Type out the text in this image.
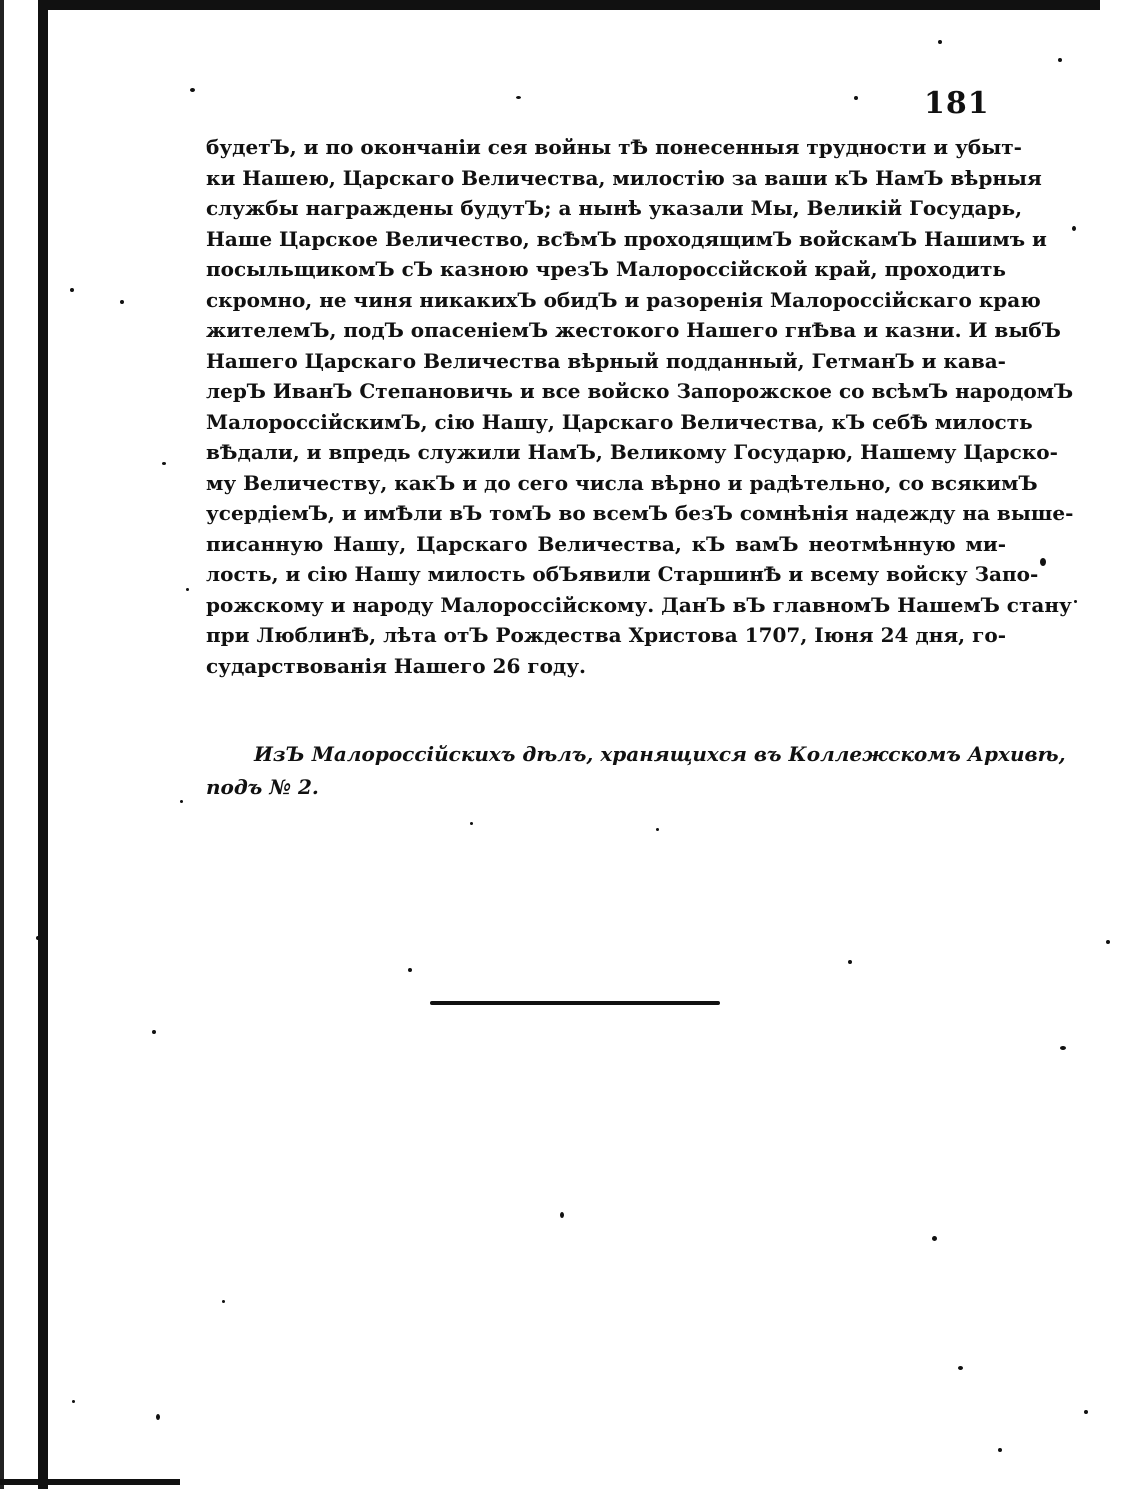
181
будетЪ, и по окончанiи сея войны тѢ понесенныя трудности и убыт-
ки Нашею, Царскаго Величества, милостiю за ваши кЪ НамЪ вѣрныя
службы награждены будутЪ; а нынѣ указали Мы, Великiй Государь,
Наше Царское Величество, всѢмЪ проходящимЪ войскамЪ Нашимъ и
посыльщикомЪ сЪ казною чрезЪ Малороссiйской край, проходить
скромно, не чиня никакихЪ обидЪ и разоренiя Малороссiйскаго краю
жителемЪ, подЪ опасенiемЪ жестокого Нашего гнѢва и казни. И выбЪ
Нашего Царскаго Величества вѣрный подданный, ГетманЪ и кава-
лерЪ ИванЪ Степановичь и все войско Запорожское со всѣмЪ народомЪ
МалороссiйскимЪ, сiю Нашу, Царскаго Величества, кЪ себѢ милость
вѢдали, и впредь служили НамЪ, Великому Государю, Нашему Царско-
му Величеству, какЪ и до сего числа вѣрно и радѣтельно, со всякимЪ
усердiемЪ, и имѢли вЪ томЪ во всемЪ безЪ сомнѣнiя надежду на выше-
писанную Нашу, Царскаго Величества, кЪ вамЪ неотмѣнную ми-
лость, и сiю Нашу милость обЪявили СтаршинѢ и всему войску Запо-
рожскому и народу Малороссiйскому. ДанЪ вЪ главномЪ НашемЪ стану
при ЛюблинѢ, лѣта отЪ Рождества Христова 1707, Iюня 24 дня, го-
сударствованiя Нашего 26 году.
ИзЪ Малороссiйскихъ дѣлъ, хранящихся въ Коллежскомъ Архивѣ,
подъ № 2.
